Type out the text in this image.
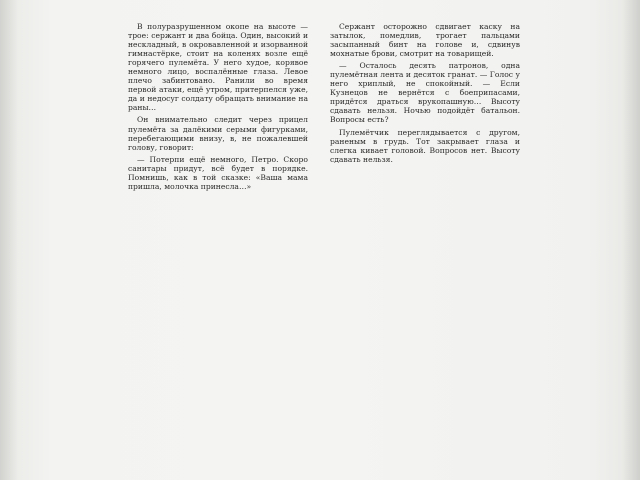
В полуразрушенном окопе на высоте — трое: сержант и два бойца. Один, высокий и нескладный, в окровавленной и изорванной гимнастёрке, стоит на коленях возле ещё горячего пулемёта. У него худое, корявое немного лицо, воспалённые глаза. Левое плечо забинтовано. Ранили во время первой атаки, ещё утром, притерпелся уже, да и недосуг солдату обращать внимание на раны…

Он внимательно следит через прицел пулемёта за далёкими серыми фигурками, перебегающими внизу, в, не пожалевшей голову, говорит:

— Потерпи ещё немного, Петро. Скоро санитары придут, всё будет в порядке. Помнишь, как в той сказке: «Ваша мама пришла, молочка принесла…»

Сержант осторожно сдвигает каску на затылок, помедлив, трогает пальцами засыпанный бинт на голове и, сдвинув мохнатые брови, смотрит на товарищей.

— Осталось десять патронов, одна пулемётная лента и десяток гранат. — Голос у него хриплый, не спокойный. — Если Кузнецов не вернётся с боеприпасами, придётся драться врукопашную… Высоту сдавать нельзя. Ночью подойдёт батальон. Вопросы есть?

Пулемётчик переглядывается с другом, раненым в грудь. Тот закрывает глаза и слегка кивает головой. Вопросов нет. Высоту сдавать нельзя.
